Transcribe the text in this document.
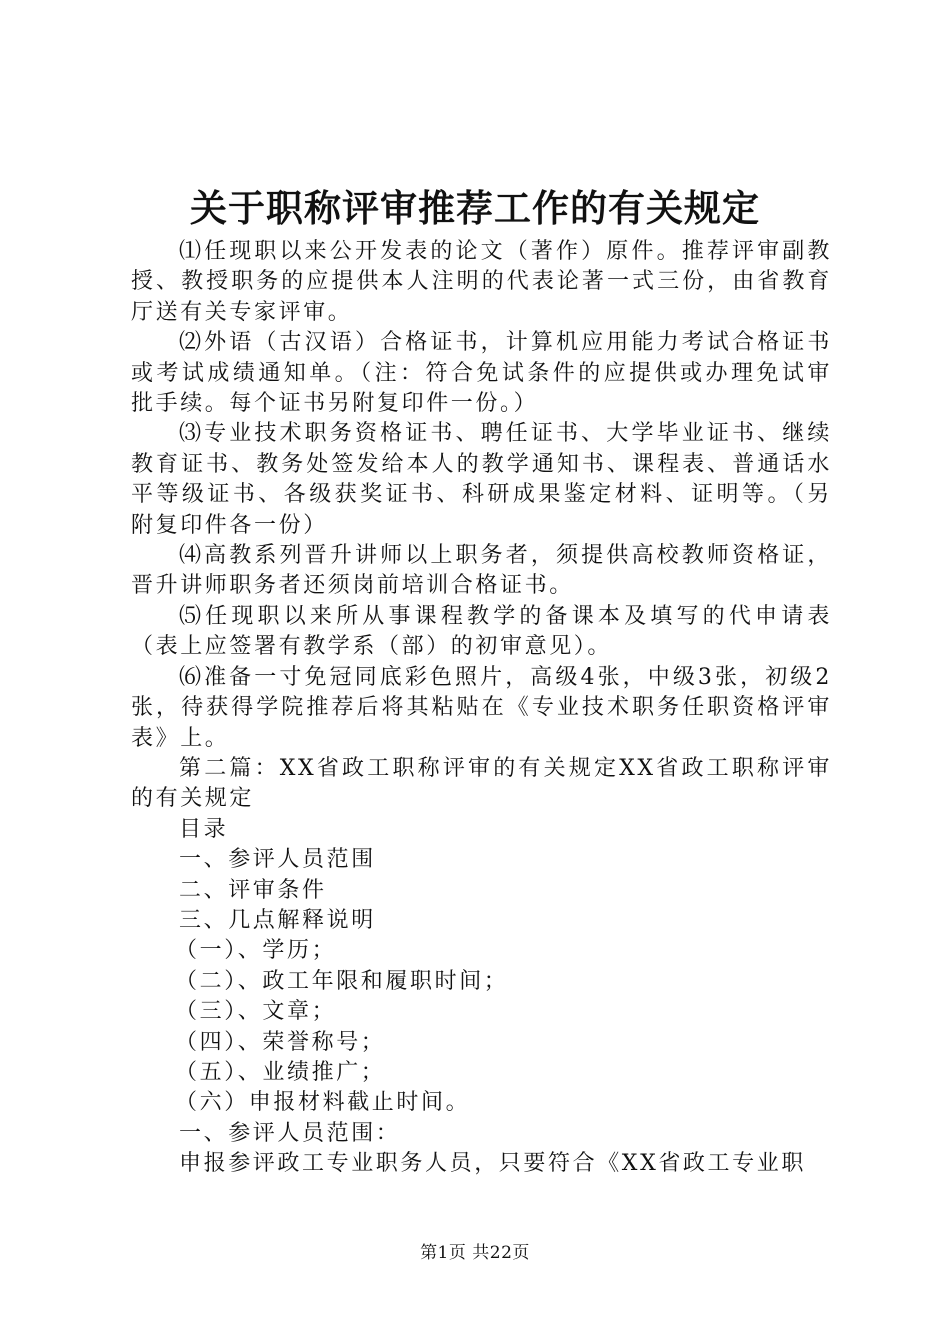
关于职称评审推荐工作的有关规定

⑴任现职以来公开发表的论文（著作）原件。推荐评审副教授、教授职务的应提供本人注明的代表论著一式三份，由省教育厅送有关专家评审。

⑵外语（古汉语）合格证书，计算机应用能力考试合格证书或考试成绩通知单。（注：符合免试条件的应提供或办理免试审批手续。每个证书另附复印件一份。）

⑶专业技术职务资格证书、聘任证书、大学毕业证书、继续教育证书、教务处签发给本人的教学通知书、课程表、普通话水平等级证书、各级获奖证书、科研成果鉴定材料、证明等。（另附复印件各一份）

⑷高教系列晋升讲师以上职务者，须提供高校教师资格证，晋升讲师职务者还须岗前培训合格证书。

⑸任现职以来所从事课程教学的备课本及填写的代申请表（表上应签署有教学系（部）的初审意见）。

⑹准备一寸免冠同底彩色照片，高级4张，中级3张，初级2张，待获得学院推荐后将其粘贴在《专业技术职务任职资格评审表》上。

第二篇：XX省政工职称评审的有关规定XX省政工职称评审的有关规定

目录

一、参评人员范围

二、评审条件

三、几点解释说明

（一）、学历；

（二）、政工年限和履职时间；

（三）、文章；

（四）、荣誉称号；

（五）、业绩推广；

（六）申报材料截止时间。

一、参评人员范围：

申报参评政工专业职务人员，只要符合《XX省政工专业职

第1页 共22页
